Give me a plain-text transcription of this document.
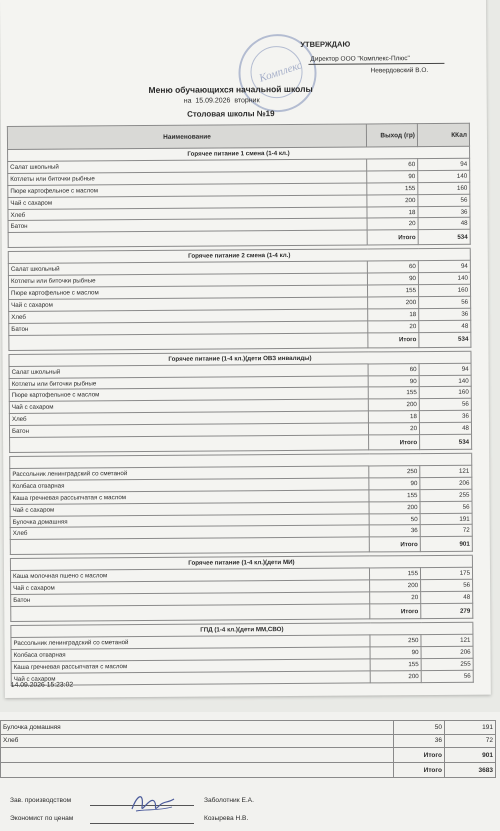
Комплекс
УТВЕРЖДАЮ
Директор ООО "Комплекс-Плюс"
Невердовский В.О.
Меню обучающихся начальной школы
на 15.09.2026 вторник
Столовая школы №19
Наименование	Выход (гр)	ККал
Горячее питание 1 смена (1-4 кл.)		
Салат школьный	60	94
Котлеты или биточки рыбные	90	140
Пюре картофельное с маслом	155	160
Чай с сахаром	200	56
Хлеб	18	36
Батон	20	48
	Итого	534

Горячее питание 2 смена (1-4 кл.)		
Салат школьный	60	94
Котлеты или биточки рыбные	90	140
Пюре картофельное с маслом	155	160
Чай с сахаром	200	56
Хлеб	18	36
Батон	20	48
	Итого	534

Горячее питание (1-4 кл.)(дети ОВЗ инвалиды)		
Салат школьный	60	94
Котлеты или биточки рыбные	90	140
Пюре картофельное с маслом	155	160
Чай с сахаром	200	56
Хлеб	18	36
Батон	20	48
	Итого	534

Рассольник ленинградский со сметаной	250	121
Колбаса отварная	90	206
Каша гречневая рассыпчатая с маслом	155	255
Чай с сахаром	200	56
Булочка домашняя	50	191
Хлеб	36	72
	Итого	901

Горячее питание (1-4 кл.)(дети МИ)		
Каша молочная пшено с маслом	155	175
Чай с сахаром	200	56
Батон	20	48
	Итого	279

ГПД (1-4 кл.)(дети ММ,СВО)		
Рассольник ленинградский со сметаной	250	121
Колбаса отварная	90	206
Каша гречневая рассыпчатая с маслом	155	255
Чай с сахаром	200	56
14.09.2026 15:23:02
Булочка домашняя	50	191
Хлеб	36	72
	Итого	901
	Итого	3683
Зав. производством	Заболотник Е.А.
Экономист по ценам	Козырева Н.В.
